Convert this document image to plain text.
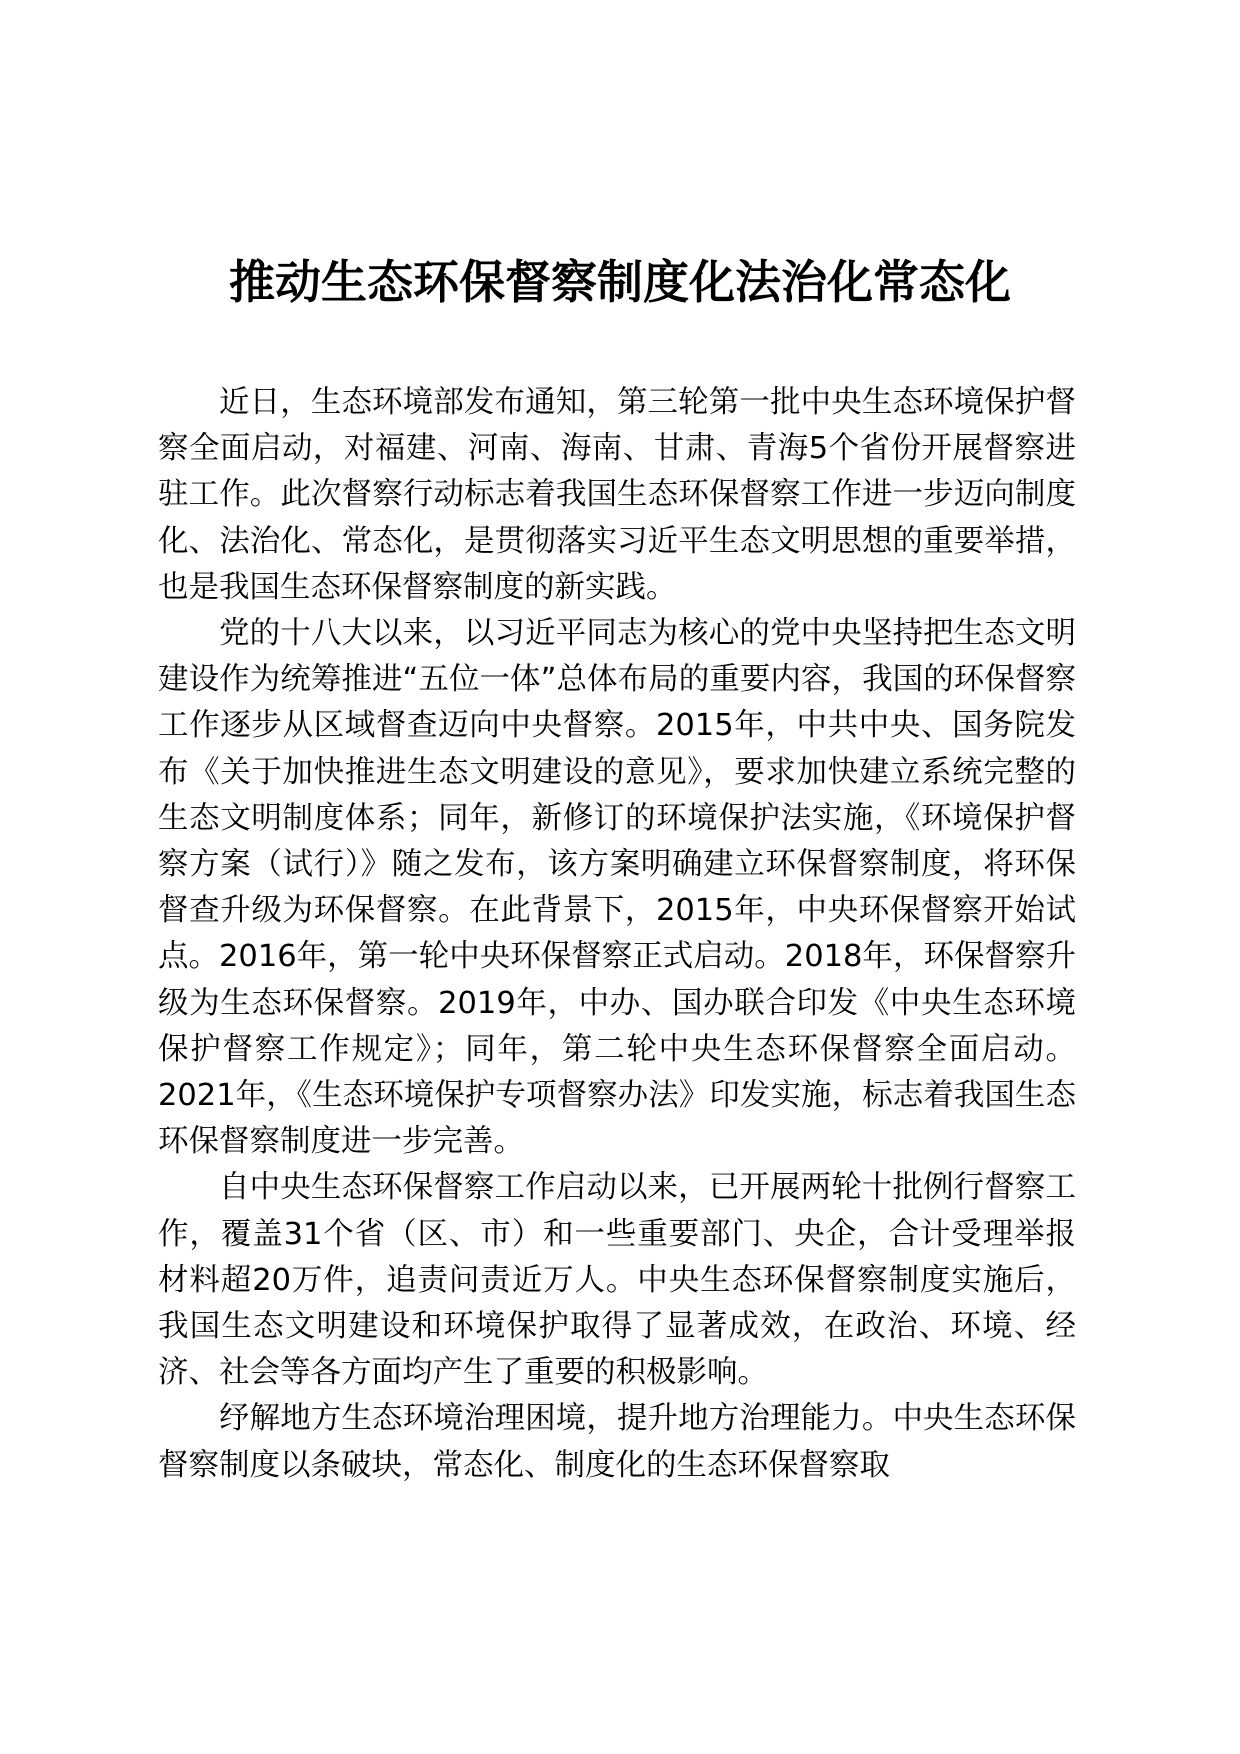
推动生态环保督察制度化法治化常态化

近日，生态环境部发布通知，第三轮第一批中央生态环境保护督察全面启动，对福建、河南、海南、甘肃、青海5个省份开展督察进驻工作。此次督察行动标志着我国生态环保督察工作进一步迈向制度化、法治化、常态化，是贯彻落实习近平生态文明思想的重要举措，也是我国生态环保督察制度的新实践。

党的十八大以来，以习近平同志为核心的党中央坚持把生态文明建设作为统筹推进“五位一体”总体布局的重要内容，我国的环保督察工作逐步从区域督查迈向中央督察。2015年，中共中央、国务院发布《关于加快推进生态文明建设的意见》，要求加快建立系统完整的生态文明制度体系；同年，新修订的环境保护法实施，《环境保护督察方案（试行）》随之发布，该方案明确建立环保督察制度，将环保督查升级为环保督察。在此背景下，2015年，中央环保督察开始试点。2016年，第一轮中央环保督察正式启动。2018年，环保督察升级为生态环保督察。2019年，中办、国办联合印发《中央生态环境保护督察工作规定》；同年，第二轮中央生态环保督察全面启动。2021年，《生态环境保护专项督察办法》印发实施，标志着我国生态环保督察制度进一步完善。

自中央生态环保督察工作启动以来，已开展两轮十批例行督察工作，覆盖31个省（区、市）和一些重要部门、央企，合计受理举报材料超20万件，追责问责近万人。中央生态环保督察制度实施后，我国生态文明建设和环境保护取得了显著成效，在政治、环境、经济、社会等各方面均产生了重要的积极影响。

纾解地方生态环境治理困境，提升地方治理能力。中央生态环保督察制度以条破块，常态化、制度化的生态环保督察取
